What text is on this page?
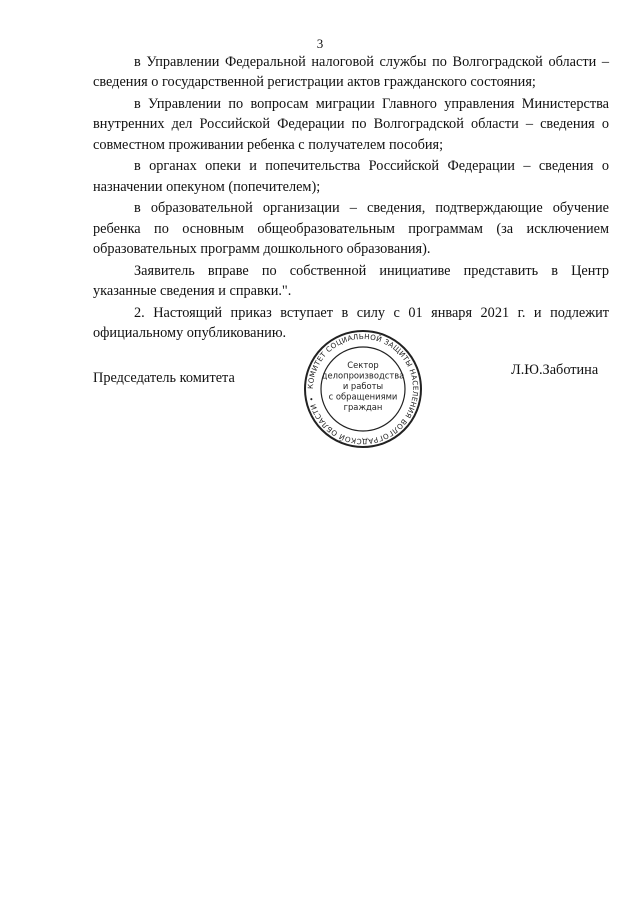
3

в Управлении Федеральной налоговой службы по Волгоградской области – сведения о государственной регистрации актов гражданского состояния;

в Управлении по вопросам миграции Главного управления Министерства внутренних дел Российской Федерации по Волгоградской области – сведения о совместном проживании ребенка с получателем пособия;

в органах опеки и попечительства Российской Федерации – сведения о назначении опекуном (попечителем);

в образовательной организации – сведения, подтверждающие обучение ребенка по основным общеобразовательным программам (за исключением образовательных программ дошкольного образования).

Заявитель вправе по собственной инициативе представить в Центр указанные сведения и справки.".

2. Настоящий приказ вступает в силу с 01 января 2021 г. и подлежит официальному опубликованию.

Председатель комитета	Л.Ю.Заботина
КОМИТЕТ СОЦИАЛЬНОЙ ЗАЩИТЫ НАСЕЛЕНИЯ ВОЛГОГРАДСКОЙ ОБЛАСТИ •
Сектор
делопроизводства
и работы
с обращениями
граждан
